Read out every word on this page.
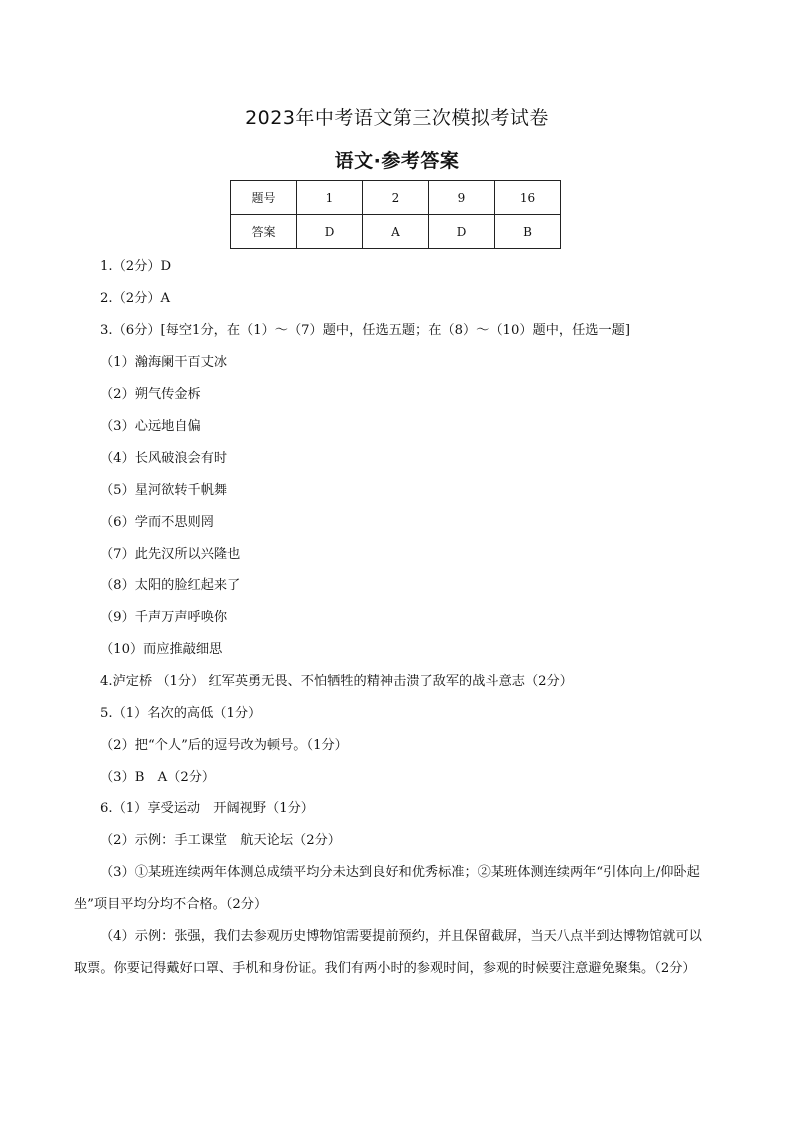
2023年中考语文第三次模拟考试卷
语文·参考答案
题号	1	2	9	16
答案	D	A	D	B
1.（2分）D
2.（2分）A
3.（6分）[每空1分，在（1）～（7）题中，任选五题；在（8）～（10）题中，任选一题]
（1）瀚海阑干百丈冰
（2）朔气传金柝
（3）心远地自偏
（4）长风破浪会有时
（5）星河欲转千帆舞
（6）学而不思则罔
（7）此先汉所以兴隆也
（8）太阳的脸红起来了
（9）千声万声呼唤你
（10）而应推敲细思
4.泸定桥 （1分） 红军英勇无畏、不怕牺牲的精神击溃了敌军的战斗意志（2分）
5.（1）名次的高低（1分）
（2）把“个人”后的逗号改为顿号。（1分）
（3）B　A（2分）
6.（1）享受运动　开阔视野（1分）
（2）示例：手工课堂　航天论坛（2分）
（3）①某班连续两年体测总成绩平均分未达到良好和优秀标准；②某班体测连续两年“引体向上/仰卧起坐”项目平均分均不合格。（2分）
（4）示例：张强，我们去参观历史博物馆需要提前预约，并且保留截屏，当天八点半到达博物馆就可以取票。你要记得戴好口罩、手机和身份证。我们有两小时的参观时间，参观的时候要注意避免聚集。（2分）
